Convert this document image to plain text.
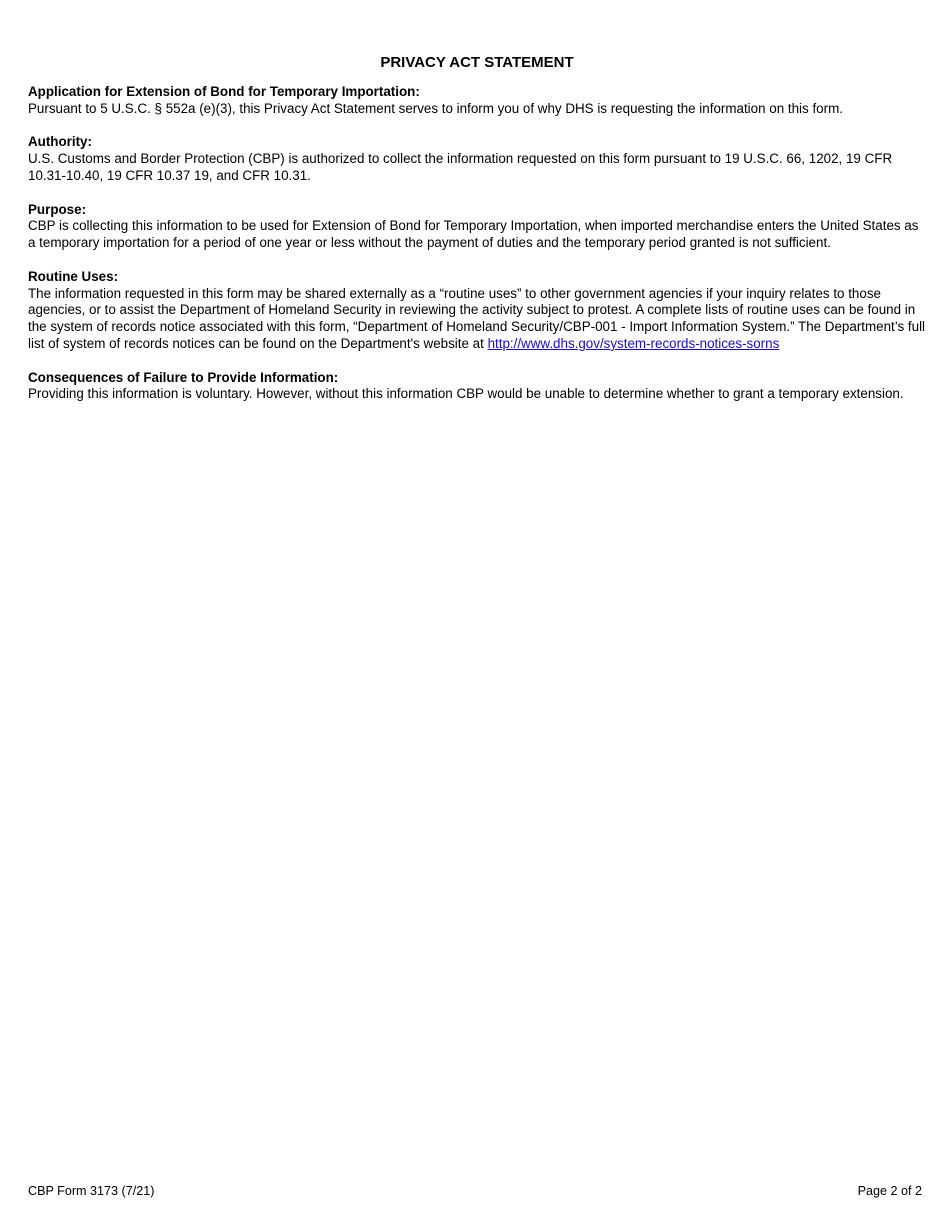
PRIVACY ACT STATEMENT
Application for Extension of Bond for Temporary Importation:
Pursuant to 5 U.S.C. § 552a (e)(3), this Privacy Act Statement serves to inform you of why DHS is requesting the information on this form.
Authority:
U.S. Customs and Border Protection (CBP) is authorized to collect the information requested on this form pursuant to 19 U.S.C. 66, 1202, 19 CFR 10.31-10.40, 19 CFR 10.37 19, and CFR 10.31.
Purpose:
CBP is collecting this information to be used for Extension of Bond for Temporary Importation, when imported merchandise enters the United States as a temporary importation for a period of one year or less without the payment of duties and the temporary period granted is not sufficient.
Routine Uses:
The information requested in this form may be shared externally as a “routine uses” to other government agencies if your inquiry relates to those agencies, or to assist the Department of Homeland Security in reviewing the activity subject to protest. A complete lists of routine uses can be found in the system of records notice associated with this form, “Department of Homeland Security/CBP-001 - Import Information System.” The Department’s full list of system of records notices can be found on the Department's website at http://www.dhs.gov/system-records-notices-sorns
Consequences of Failure to Provide Information:
Providing this information is voluntary. However, without this information CBP would be unable to determine whether to grant a temporary extension.
CBP Form 3173 (7/21)	Page 2 of 2
